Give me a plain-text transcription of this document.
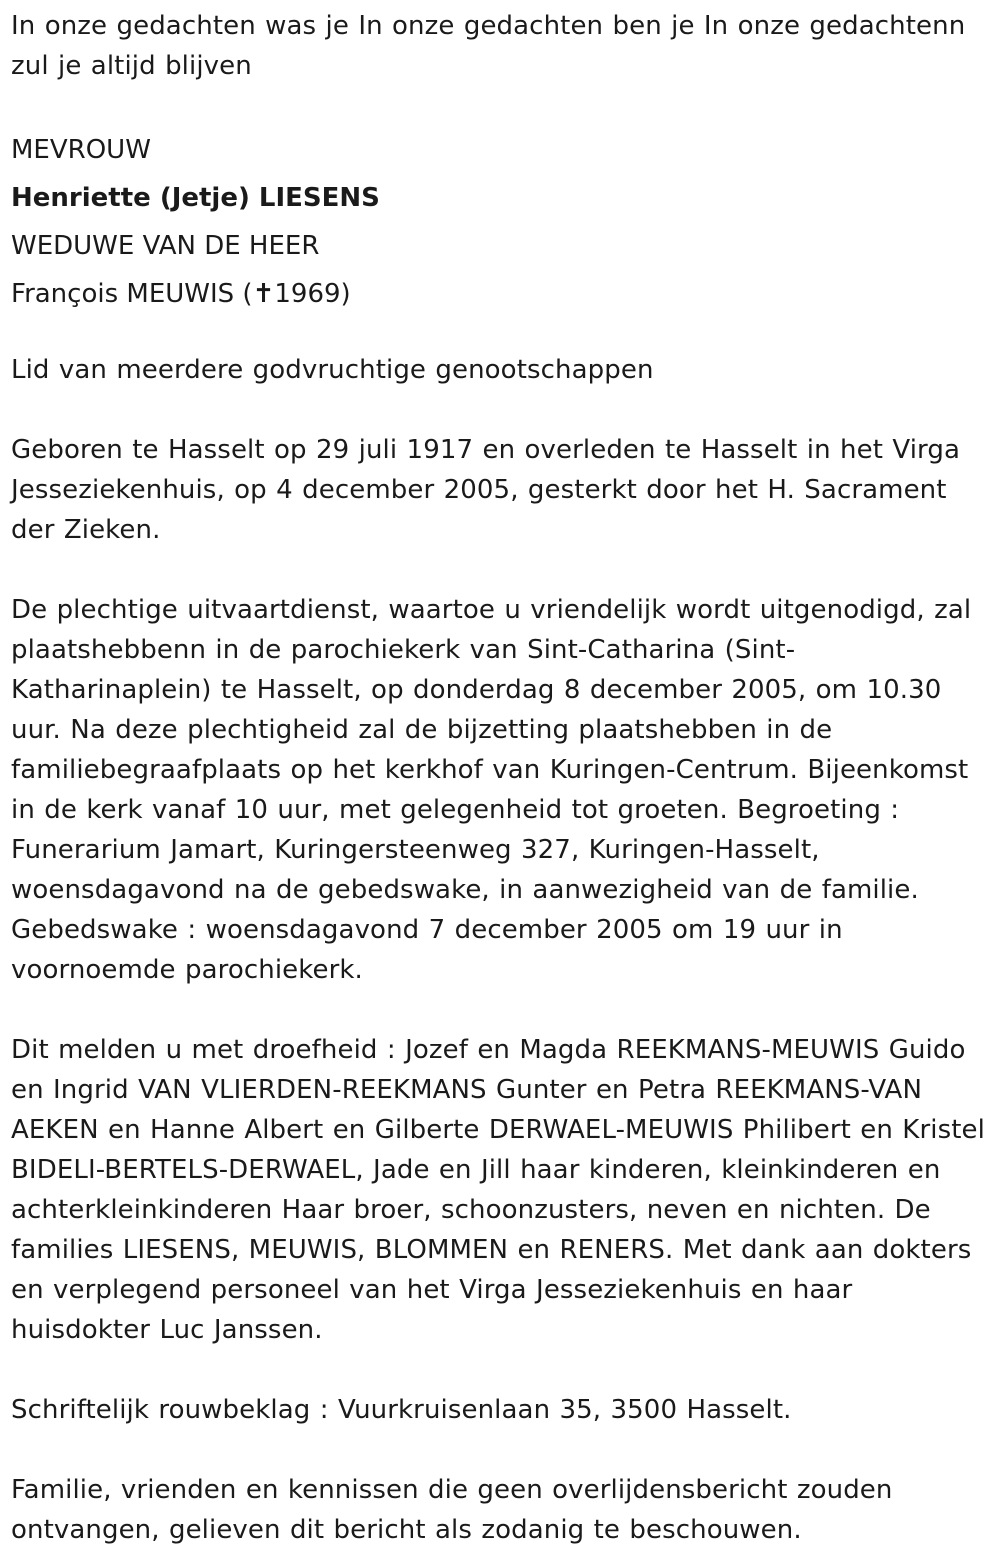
In onze gedachten was je In onze gedachten ben je In onze gedachtenn zul je altijd blijven

MEVROUW

Henriette (Jetje) LIESENS

WEDUWE VAN DE HEER

François MEUWIS (✝1969)

Lid van meerdere godvruchtige genootschappen

Geboren te Hasselt op 29 juli 1917 en overleden te Hasselt in het Virga Jesseziekenhuis, op 4 december 2005, gesterkt door het H. Sacrament der Zieken.

De plechtige uitvaartdienst, waartoe u vriendelijk wordt uitgenodigd, zal plaatshebbenn in de parochiekerk van Sint-Catharina (Sint-Katharinaplein) te Hasselt, op donderdag 8 december 2005, om 10.30 uur. Na deze plechtigheid zal de bijzetting plaatshebben in de familiebegraafplaats op het kerkhof van Kuringen-Centrum. Bijeenkomst in de kerk vanaf 10 uur, met gelegenheid tot groeten. Begroeting : Funerarium Jamart, Kuringersteenweg 327, Kuringen-Hasselt, woensdagavond na de gebedswake, in aanwezigheid van de familie. Gebedswake : woensdagavond 7 december 2005 om 19 uur in voornoemde parochiekerk.

Dit melden u met droefheid : Jozef en Magda REEKMANS-MEUWIS Guido en Ingrid VAN VLIERDEN-REEKMANS Gunter en Petra REEKMANS-VAN AEKEN en Hanne Albert en Gilberte DERWAEL-MEUWIS Philibert en Kristel BIDELI-BERTELS-DERWAEL, Jade en Jill haar kinderen, kleinkinderen en achterkleinkinderen Haar broer, schoonzusters, neven en nichten. De families LIESENS, MEUWIS, BLOMMEN en RENERS. Met dank aan dokters en verplegend personeel van het Virga Jesseziekenhuis en haar huisdokter Luc Janssen.

Schriftelijk rouwbeklag : Vuurkruisenlaan 35, 3500 Hasselt.

Familie, vrienden en kennissen die geen overlijdensbericht zouden ontvangen, gelieven dit bericht als zodanig te beschouwen.
